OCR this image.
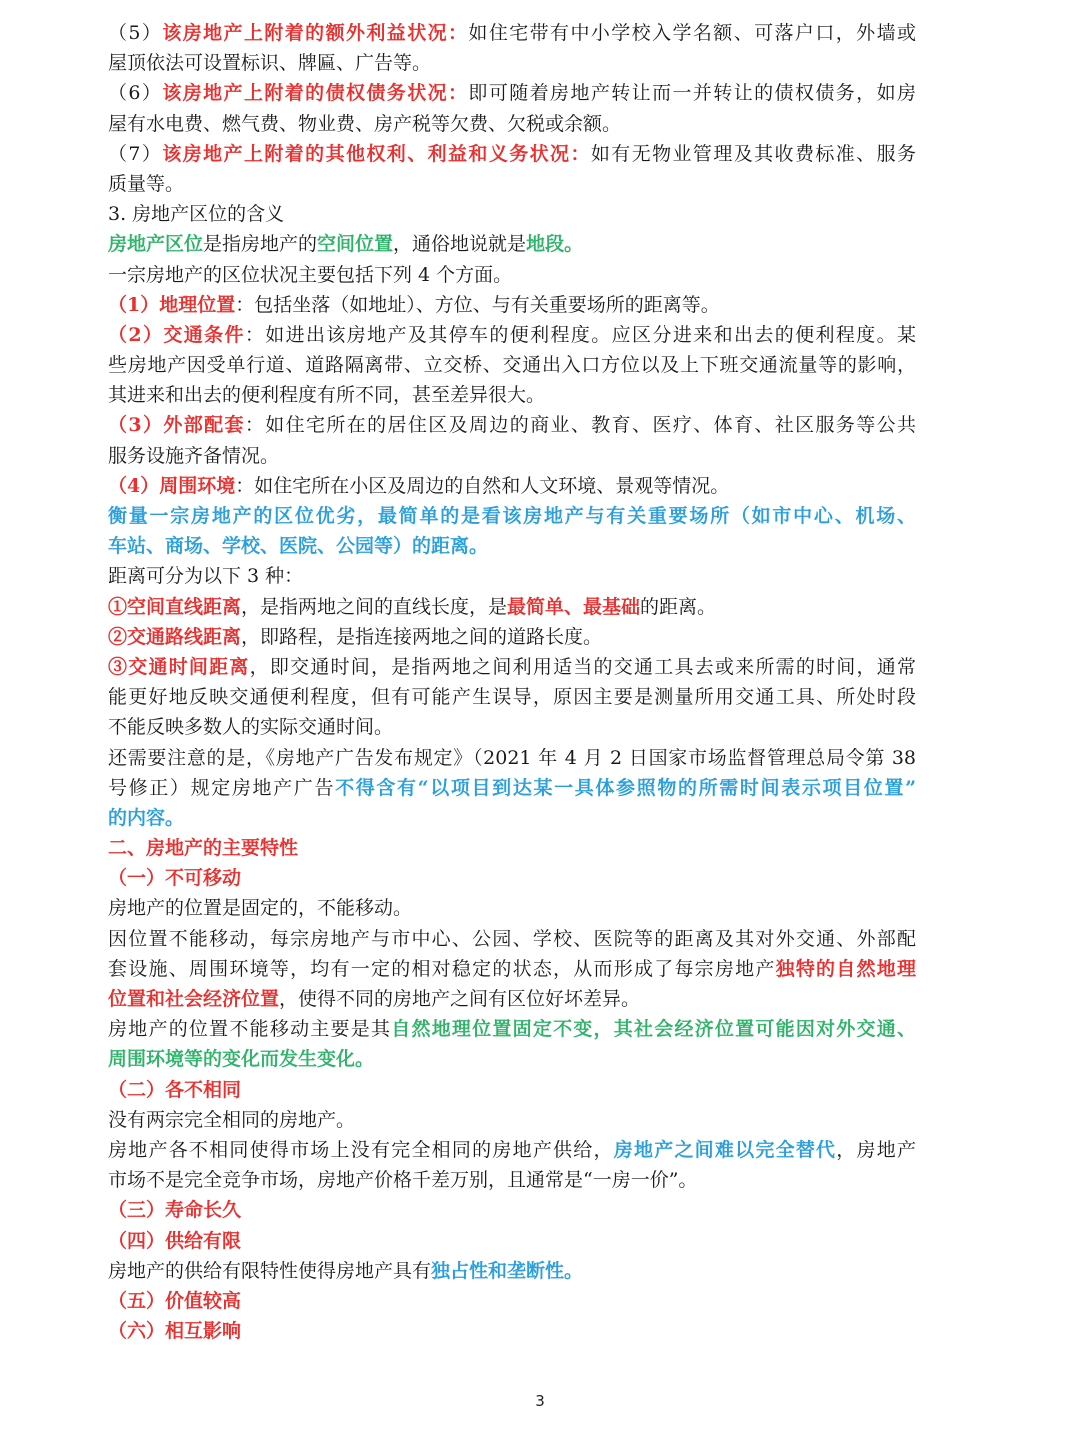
（5）该房地产上附着的额外利益状况：如住宅带有中小学校入学名额、可落户口，外墙或
屋顶依法可设置标识、牌匾、广告等。
（6）该房地产上附着的债权债务状况：即可随着房地产转让而一并转让的债权债务，如房
屋有水电费、燃气费、物业费、房产税等欠费、欠税或余额。
（7）该房地产上附着的其他权利、利益和义务状况：如有无物业管理及其收费标准、服务
质量等。
3. 房地产区位的含义
房地产区位是指房地产的空间位置，通俗地说就是地段。
一宗房地产的区位状况主要包括下列 4 个方面。
（1）地理位置：包括坐落（如地址）、方位、与有关重要场所的距离等。
（2）交通条件：如进出该房地产及其停车的便利程度。应区分进来和出去的便利程度。某
些房地产因受单行道、道路隔离带、立交桥、交通出入口方位以及上下班交通流量等的影响，
其进来和出去的便利程度有所不同，甚至差异很大。
（3）外部配套：如住宅所在的居住区及周边的商业、教育、医疗、体育、社区服务等公共
服务设施齐备情况。
（4）周围环境：如住宅所在小区及周边的自然和人文环境、景观等情况。
衡量一宗房地产的区位优劣，最简单的是看该房地产与有关重要场所（如市中心、机场、
车站、商场、学校、医院、公园等）的距离。
距离可分为以下 3 种：
①空间直线距离，是指两地之间的直线长度，是最简单、最基础的距离。
②交通路线距离，即路程，是指连接两地之间的道路长度。
③交通时间距离，即交通时间，是指两地之间利用适当的交通工具去或来所需的时间，通常
能更好地反映交通便利程度，但有可能产生误导，原因主要是测量所用交通工具、所处时段
不能反映多数人的实际交通时间。
还需要注意的是，《房地产广告发布规定》（2021 年 4 月 2 日国家市场监督管理总局令第 38
号修正）规定房地产广告不得含有“以项目到达某一具体参照物的所需时间表示项目位置”
的内容。
二、房地产的主要特性
（一）不可移动
房地产的位置是固定的，不能移动。
因位置不能移动，每宗房地产与市中心、公园、学校、医院等的距离及其对外交通、外部配
套设施、周围环境等，均有一定的相对稳定的状态，从而形成了每宗房地产独特的自然地理
位置和社会经济位置，使得不同的房地产之间有区位好坏差异。
房地产的位置不能移动主要是其自然地理位置固定不变，其社会经济位置可能因对外交通、
周围环境等的变化而发生变化。
（二）各不相同
没有两宗完全相同的房地产。
房地产各不相同使得市场上没有完全相同的房地产供给，房地产之间难以完全替代，房地产
市场不是完全竞争市场，房地产价格千差万别，且通常是“一房一价”。
（三）寿命长久
（四）供给有限
房地产的供给有限特性使得房地产具有独占性和垄断性。
（五）价值较高
（六）相互影响
3
